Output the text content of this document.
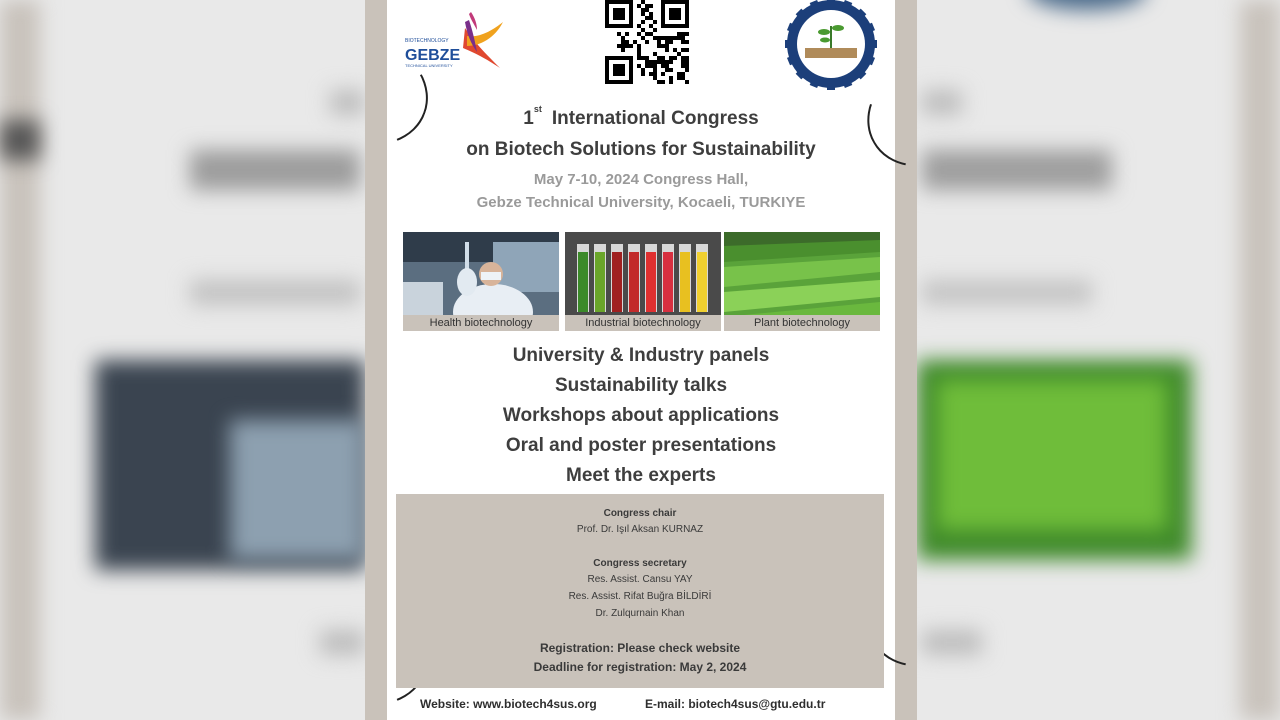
BIOTECHNOLOGY
GEBZE
TECHNICAL UNIVERSITY
1st International Congress
on Biotech Solutions for Sustainability
May 7-10, 2024 Congress Hall,
Gebze Technical University, Kocaeli, TURKIYE
Health biotechnology	Industrial biotechnology	Plant biotechnology
University & Industry panels
Sustainability talks
Workshops about applications
Oral and poster presentations
Meet the experts
Congress chair
Prof. Dr. Işıl Aksan KURNAZ
Congress secretary
Res. Assist. Cansu YAY
Res. Assist. Rifat Buğra BİLDİRİ
Dr. Zulqurnain Khan
Registration: Please check website
Deadline for registration: May 2, 2024
Website: www.biotech4sus.org	E-mail: biotech4sus@gtu.edu.tr
